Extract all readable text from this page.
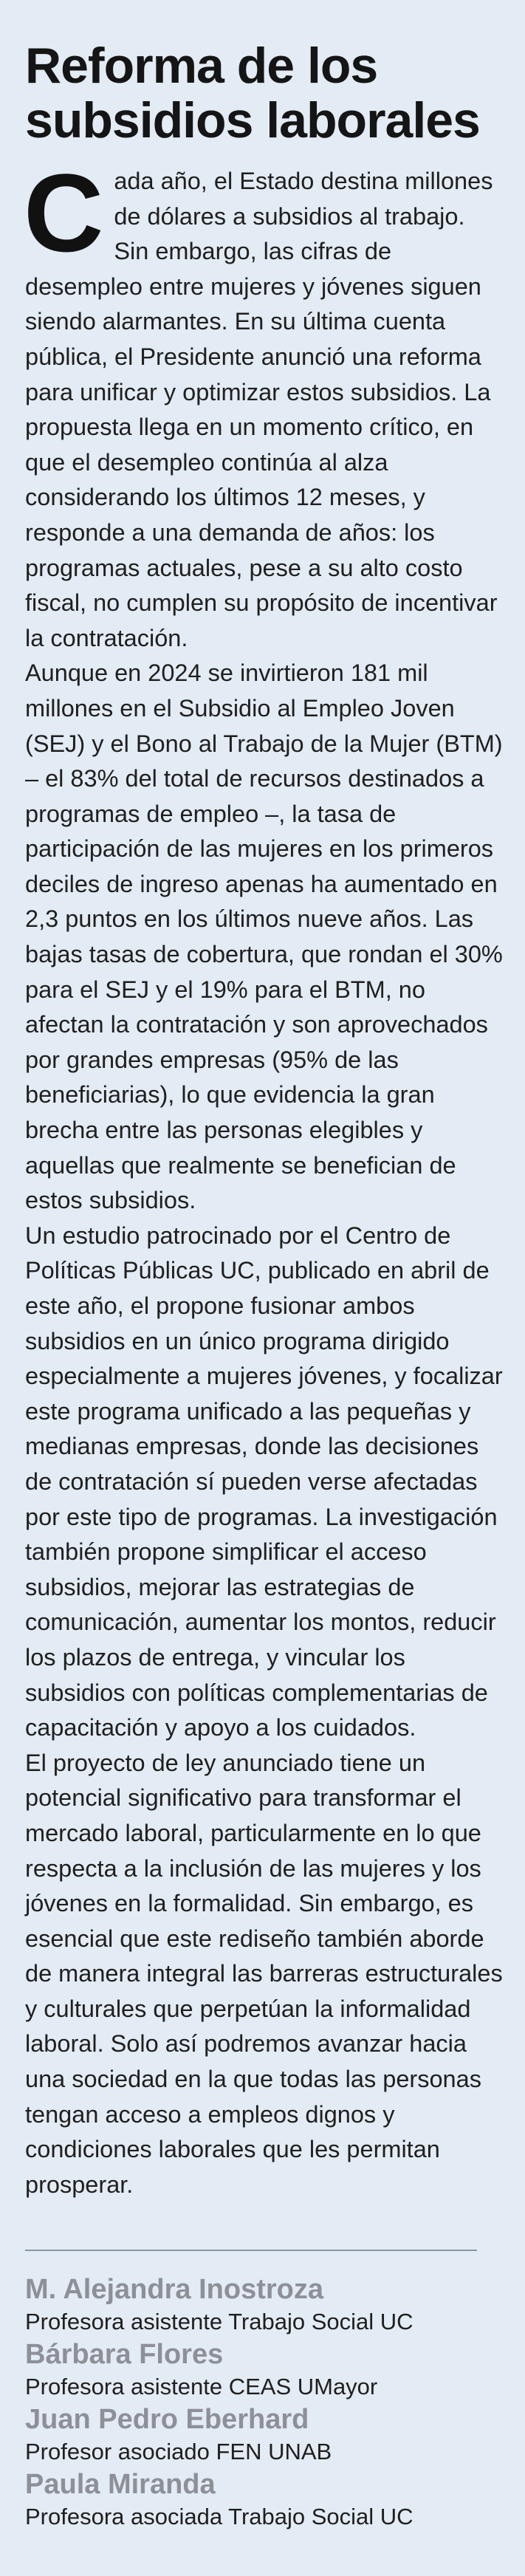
Reforma de los
subsidios laborales

Cada año, el Estado destina millones de dólares a subsidios al trabajo. Sin embargo, las cifras de desempleo entre mujeres y jóvenes siguen siendo alarmantes. En su última cuenta pública, el Presidente anunció una reforma para unificar y optimizar estos subsidios. La propuesta llega en un momento crítico, en que el desempleo continúa al alza considerando los últimos 12 meses, y responde a una demanda de años: los programas actuales, pese a su alto costo fiscal, no cumplen su propósito de incentivar la contratación.

Aunque en 2024 se invirtieron 181 mil millones en el Subsidio al Empleo Joven (SEJ) y el Bono al Trabajo de la Mujer (BTM) – el 83% del total de recursos destinados a programas de empleo –, la tasa de participación de las mujeres en los primeros deciles de ingreso apenas ha aumentado en 2,3 puntos en los últimos nueve años. Las bajas tasas de cobertura, que rondan el 30% para el SEJ y el 19% para el BTM, no afectan la contratación y son aprovechados por grandes empresas (95% de las beneficiarias), lo que evidencia la gran brecha entre las personas elegibles y aquellas que realmente se benefician de estos subsidios.

Un estudio patrocinado por el Centro de Políticas Públicas UC, publicado en abril de este año, el propone fusionar ambos subsidios en un único programa dirigido especialmente a mujeres jóvenes, y focalizar este programa unificado a las pequeñas y medianas empresas, donde las decisiones de contratación sí pueden verse afectadas por este tipo de programas. La investigación también propone simplificar el acceso subsidios, mejorar las estrategias de comunicación, aumentar los montos, reducir los plazos de entrega, y vincular los subsidios con políticas complementarias de capacitación y apoyo a los cuidados.

El proyecto de ley anunciado tiene un potencial significativo para transformar el mercado laboral, particularmente en lo que respecta a la inclusión de las mujeres y los jóvenes en la formalidad. Sin embargo, es esencial que este rediseño también aborde de manera integral las barreras estructurales y culturales que perpetúan la informalidad laboral. Solo así podremos avanzar hacia una sociedad en la que todas las personas tengan acceso a empleos dignos y condiciones laborales que les permitan prosperar.

M. Alejandra Inostroza
Profesora asistente Trabajo Social UC
Bárbara Flores
Profesora asistente CEAS UMayor
Juan Pedro Eberhard
Profesor asociado FEN UNAB
Paula Miranda
Profesora asociada Trabajo Social UC
